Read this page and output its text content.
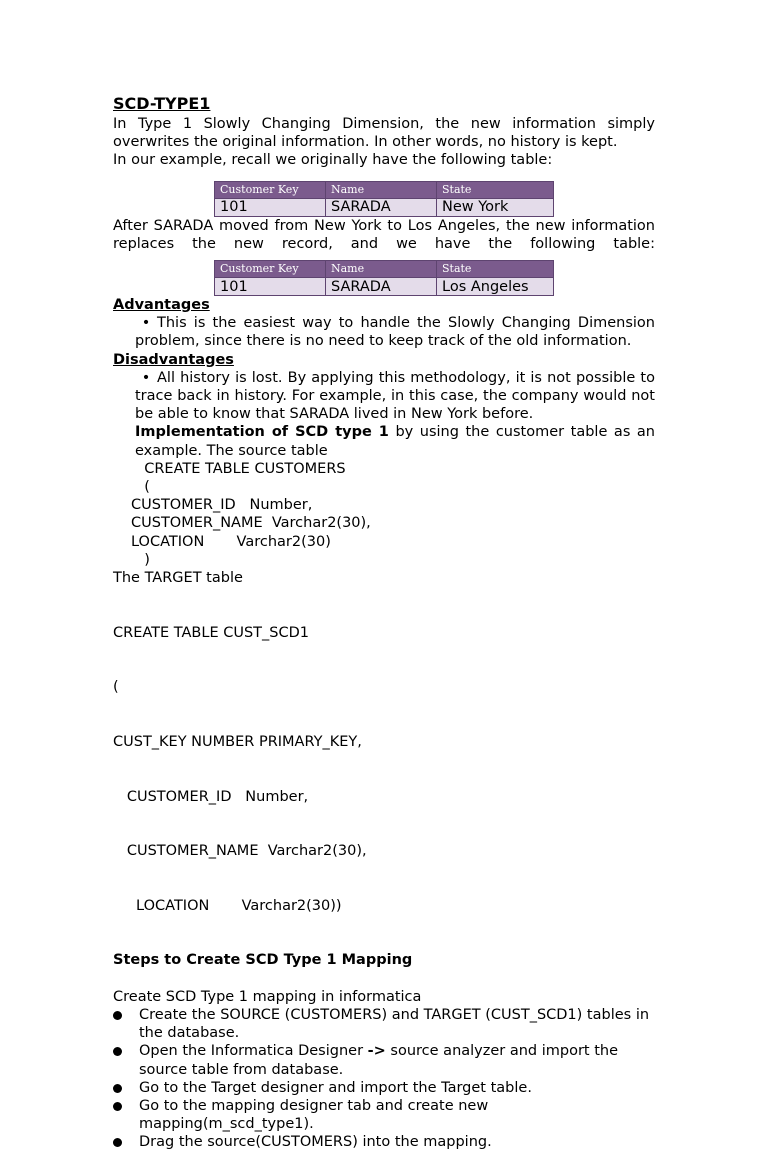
SCD-TYPE1

In Type 1 Slowly Changing Dimension, the new information simply overwrites the original information. In other words, no history is kept.

In our example, recall we originally have the following table:

Customer Key	Name	State
101	SARADA	New York

After SARADA moved from New York to Los Angeles, the new information replaces the new record, and we have the following table:

Customer Key	Name	State
101	SARADA	Los Angeles
Advantages

• This is the easiest way to handle the Slowly Changing Dimension problem, since there is no need to keep track of the old information.

Disadvantages

• All history is lost. By applying this methodology, it is not possible to trace back in history. For example, in this case, the company would not be able to know that SARADA lived in New York before.

Implementation of SCD type 1 by using the customer table as an example. The source table

CREATE TABLE CUSTOMERS
(
CUSTOMER_ID   Number,
CUSTOMER_NAME  Varchar2(30),
LOCATION       Varchar2(30)
)
The TARGET table

CREATE TABLE CUST_SCD1

(

CUST_KEY NUMBER PRIMARY_KEY,

CUSTOMER_ID   Number,

CUSTOMER_NAME  Varchar2(30),

LOCATION       Varchar2(30))

Steps to Create SCD Type 1 Mapping
Create SCD Type 1 mapping in informatica
Create the SOURCE (CUSTOMERS) and TARGET (CUST_SCD1) tables in the database.
Open the Informatica Designer -> source analyzer and import the source table from database.
Go to the Target designer and import the Target table.
Go to the mapping designer tab and create new mapping(m_scd_type1).
Drag the source(CUSTOMERS) into the mapping.
